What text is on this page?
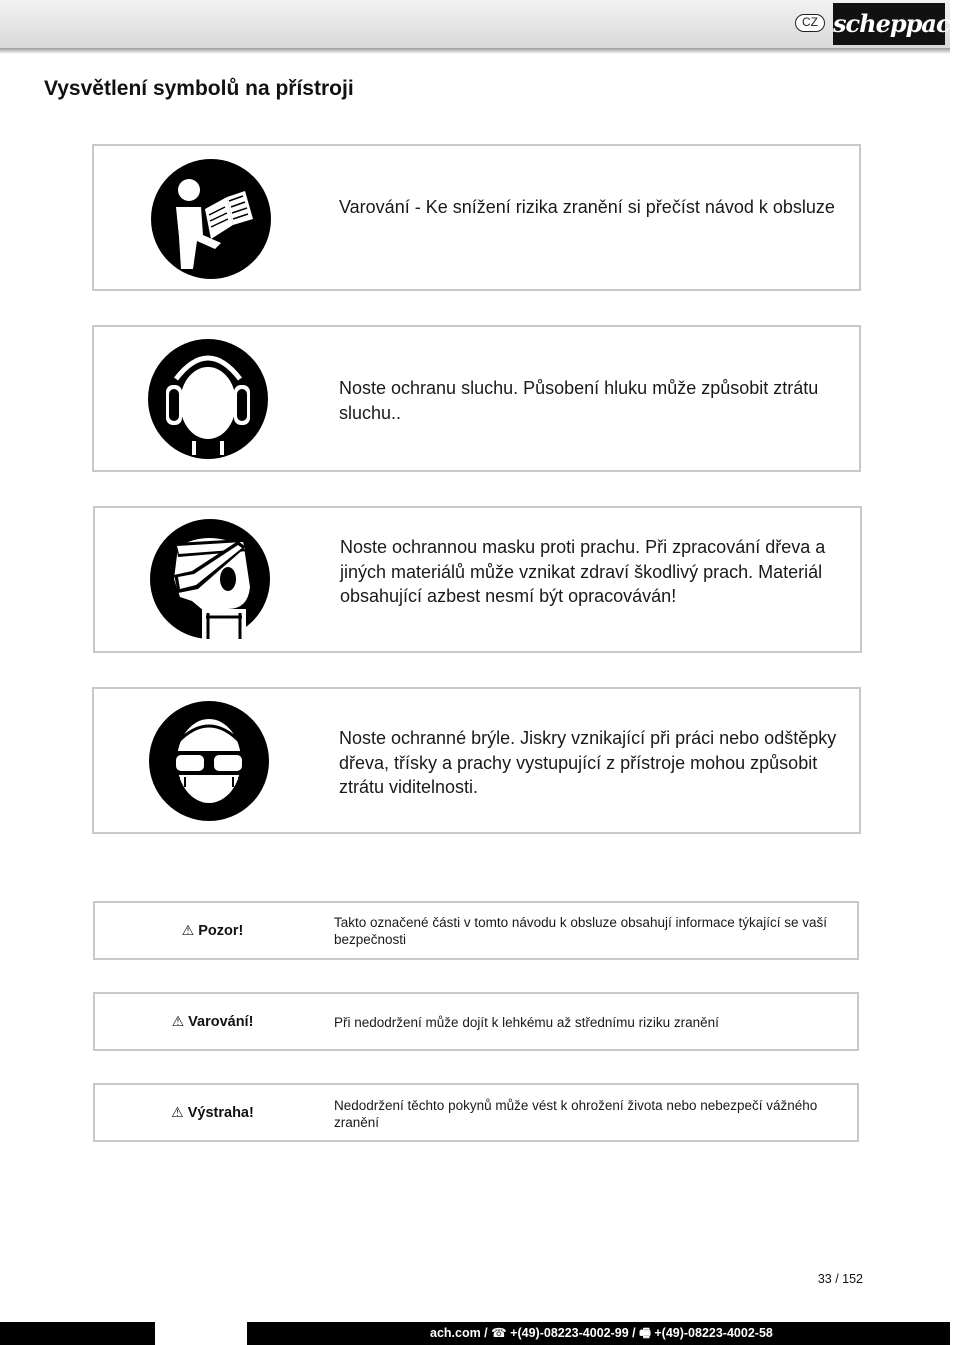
CZ scheppach
Vysvětlení symbolů na přístroji
Varování - Ke snížení rizika zranění si přečíst návod k obsluze
Noste ochranu sluchu. Působení hluku může způsobit ztrátu sluchu..
Noste ochrannou masku proti prachu. Při zpracování dřeva a jiných materiálů může vznikat zdraví škodlivý prach. Materiál obsahující azbest nesmí být opracováván!
Noste ochranné brýle. Jiskry vznikající při práci nebo odštěpky dřeva, třísky a prachy vystupující z přístroje mohou způsobit ztrátu viditelnosti.
⚠ Pozor!	Takto označené části v tomto návodu k obsluze obsahují informace týkající se vaší bezpečnosti
⚠ Varování!	Při nedodržení může dojít k lehkému až střednímu riziku zranění
⚠ Výstraha!	Nedodržení těchto pokynů může vést k ohrožení života nebo nebezpečí vážného zranění
33 / 152
ach.com / ☎ +(49)-08223-4002-99 / 🖷 +(49)-08223-4002-58
